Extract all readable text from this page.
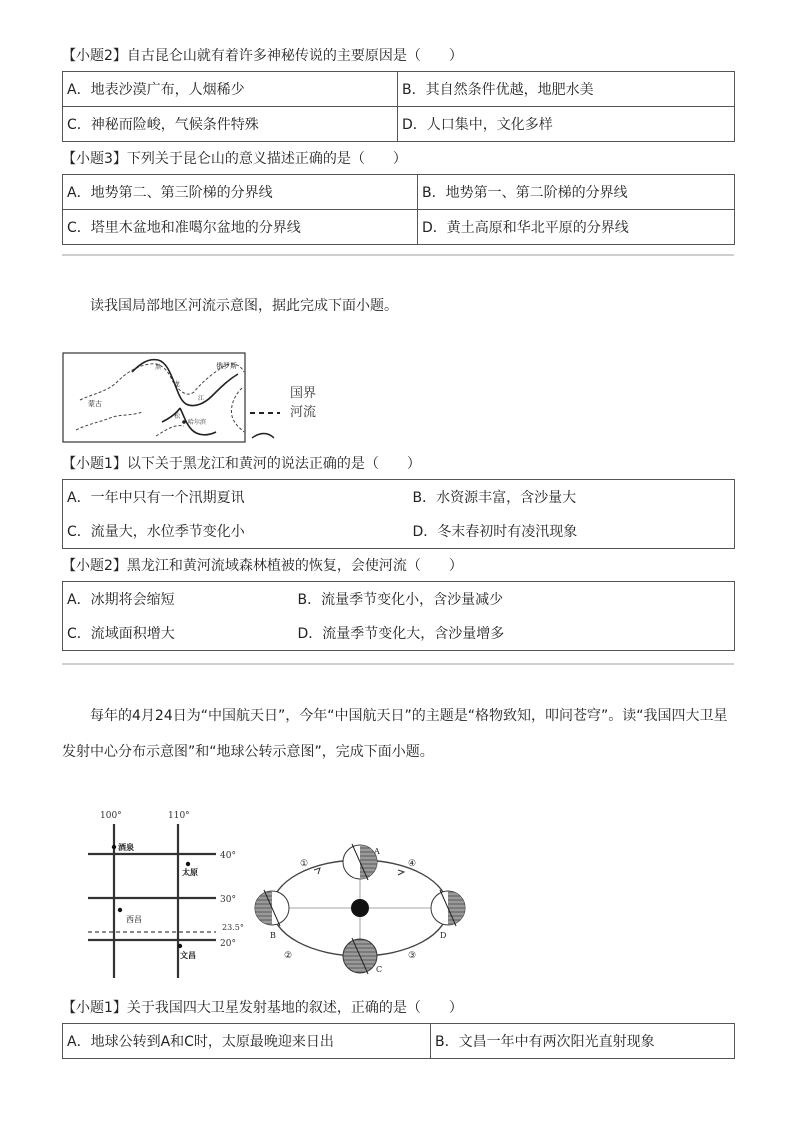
【小题2】自古昆仑山就有着许多神秘传说的主要原因是（　　）
A．地表沙漠广布，人烟稀少	B．其自然条件优越，地肥水美
C．神秘而险峻，气候条件特殊	D．人口集中，文化多样
【小题3】下列关于昆仑山的意义描述正确的是（　　）
A．地势第二、第三阶梯的分界线	B．地势第一、第二阶梯的分界线
C．塔里木盆地和准噶尔盆地的分界线	D．黄土高原和华北平原的分界线
读我国局部地区河流示意图，据此完成下面小题。
俄罗斯
蒙古
黑
龙
江
松
哈尔滨
国界
河流
【小题1】以下关于黑龙江和黄河的说法正确的是（　　）
A．一年中只有一个汛期夏讯	B．水资源丰富，含沙量大
C．流量大，水位季节变化小	D．冬末春初时有凌汛现象
【小题2】黑龙江和黄河流域森林植被的恢复，会使河流（　　）
A．冰期将会缩短	B．流量季节变化小，含沙量减少
C．流域面积增大	D．流量季节变化大，含沙量增多
每年的4月24日为“中国航天日”，今年“中国航天日”的主题是“格物致知，叩问苍穹”。读“我国四大卫星发射中心分布示意图”和“地球公转示意图”，完成下面小题。
100°	110°
40°
30°
23.5°
20°
酒泉
太原
西昌
文昌
A
B
C
D
①
②	③
④
【小题1】关于我国四大卫星发射基地的叙述，正确的是（　　）
A．地球公转到A和C时，太原最晚迎来日出	B．文昌一年中有两次阳光直射现象
